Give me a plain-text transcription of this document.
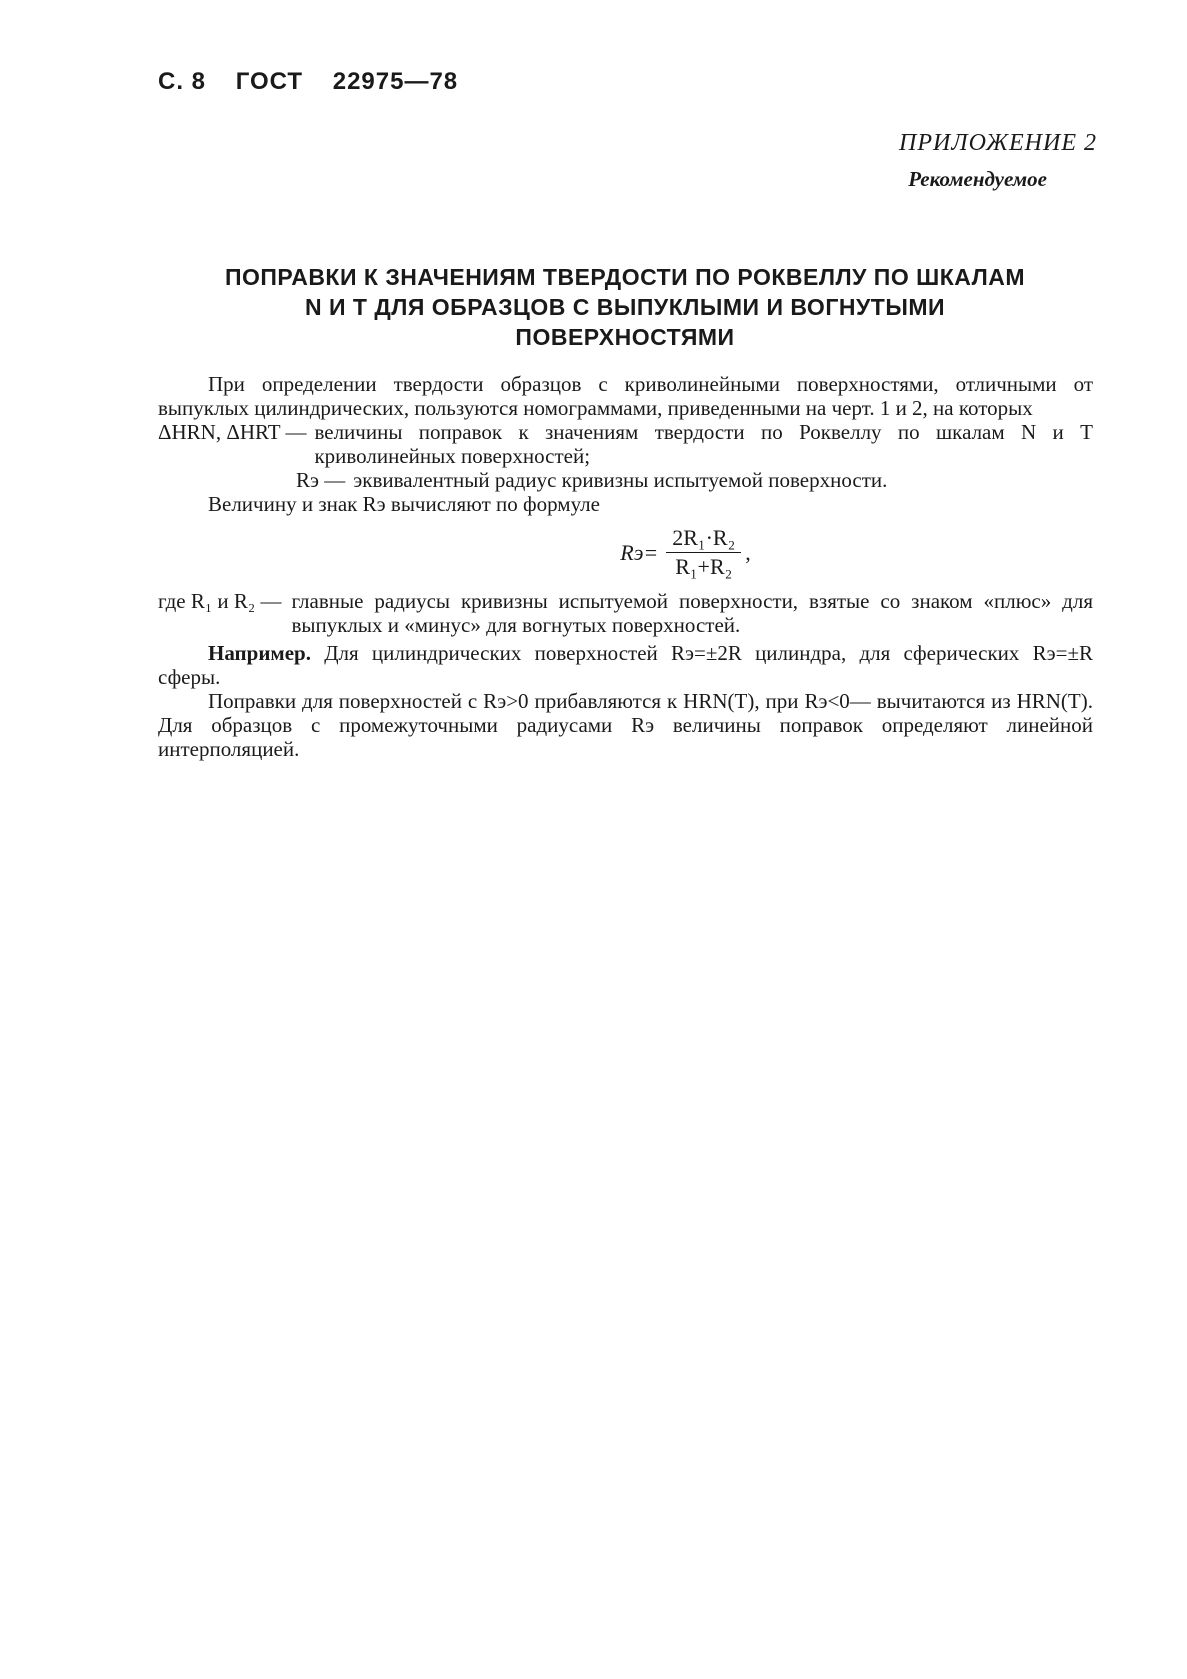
С. 8 ГОСТ 22975—78
ПРИЛОЖЕНИЕ 2
Рекомендуемое
ПОПРАВКИ К ЗНАЧЕНИЯМ ТВЕРДОСТИ ПО РОКВЕЛЛУ ПО ШКАЛАМ
N И Т ДЛЯ ОБРАЗЦОВ С ВЫПУКЛЫМИ И ВОГНУТЫМИ
ПОВЕРХНОСТЯМИ

При определении твердости образцов с криволинейными поверхностями, отличными от выпуклых цилиндрических, пользуются номограммами, приведенными на черт. 1 и 2, на которых

ΔHRN, ΔHRT — величины поправок к значениям твердости по Роквеллу по шкалам N и Т криволинейных поверхностей;
Rэ — эквивалентный радиус кривизны испытуемой поверхности.

Величину и знак Rэ вычисляют по формуле

$Rэ= \frac{\text{2R₁·R₂}}{\text{R₁+R₂}}$ ,
где R₁ и R₂ — главные радиусы кривизны испытуемой поверхности, взятые со знаком «плюс» для выпуклых и «минус» для вогнутых поверхностей.

Например. Для цилиндрических поверхностей Rэ=±2R цилиндра, для сферических Rэ=±R сферы.

Поправки для поверхностей с Rэ>0 прибавляются к HRN(T), при Rэ<0— вычитаются из HRN(T). Для образцов с промежуточными радиусами Rэ величины поправок определяют линейной интерполяцией.
